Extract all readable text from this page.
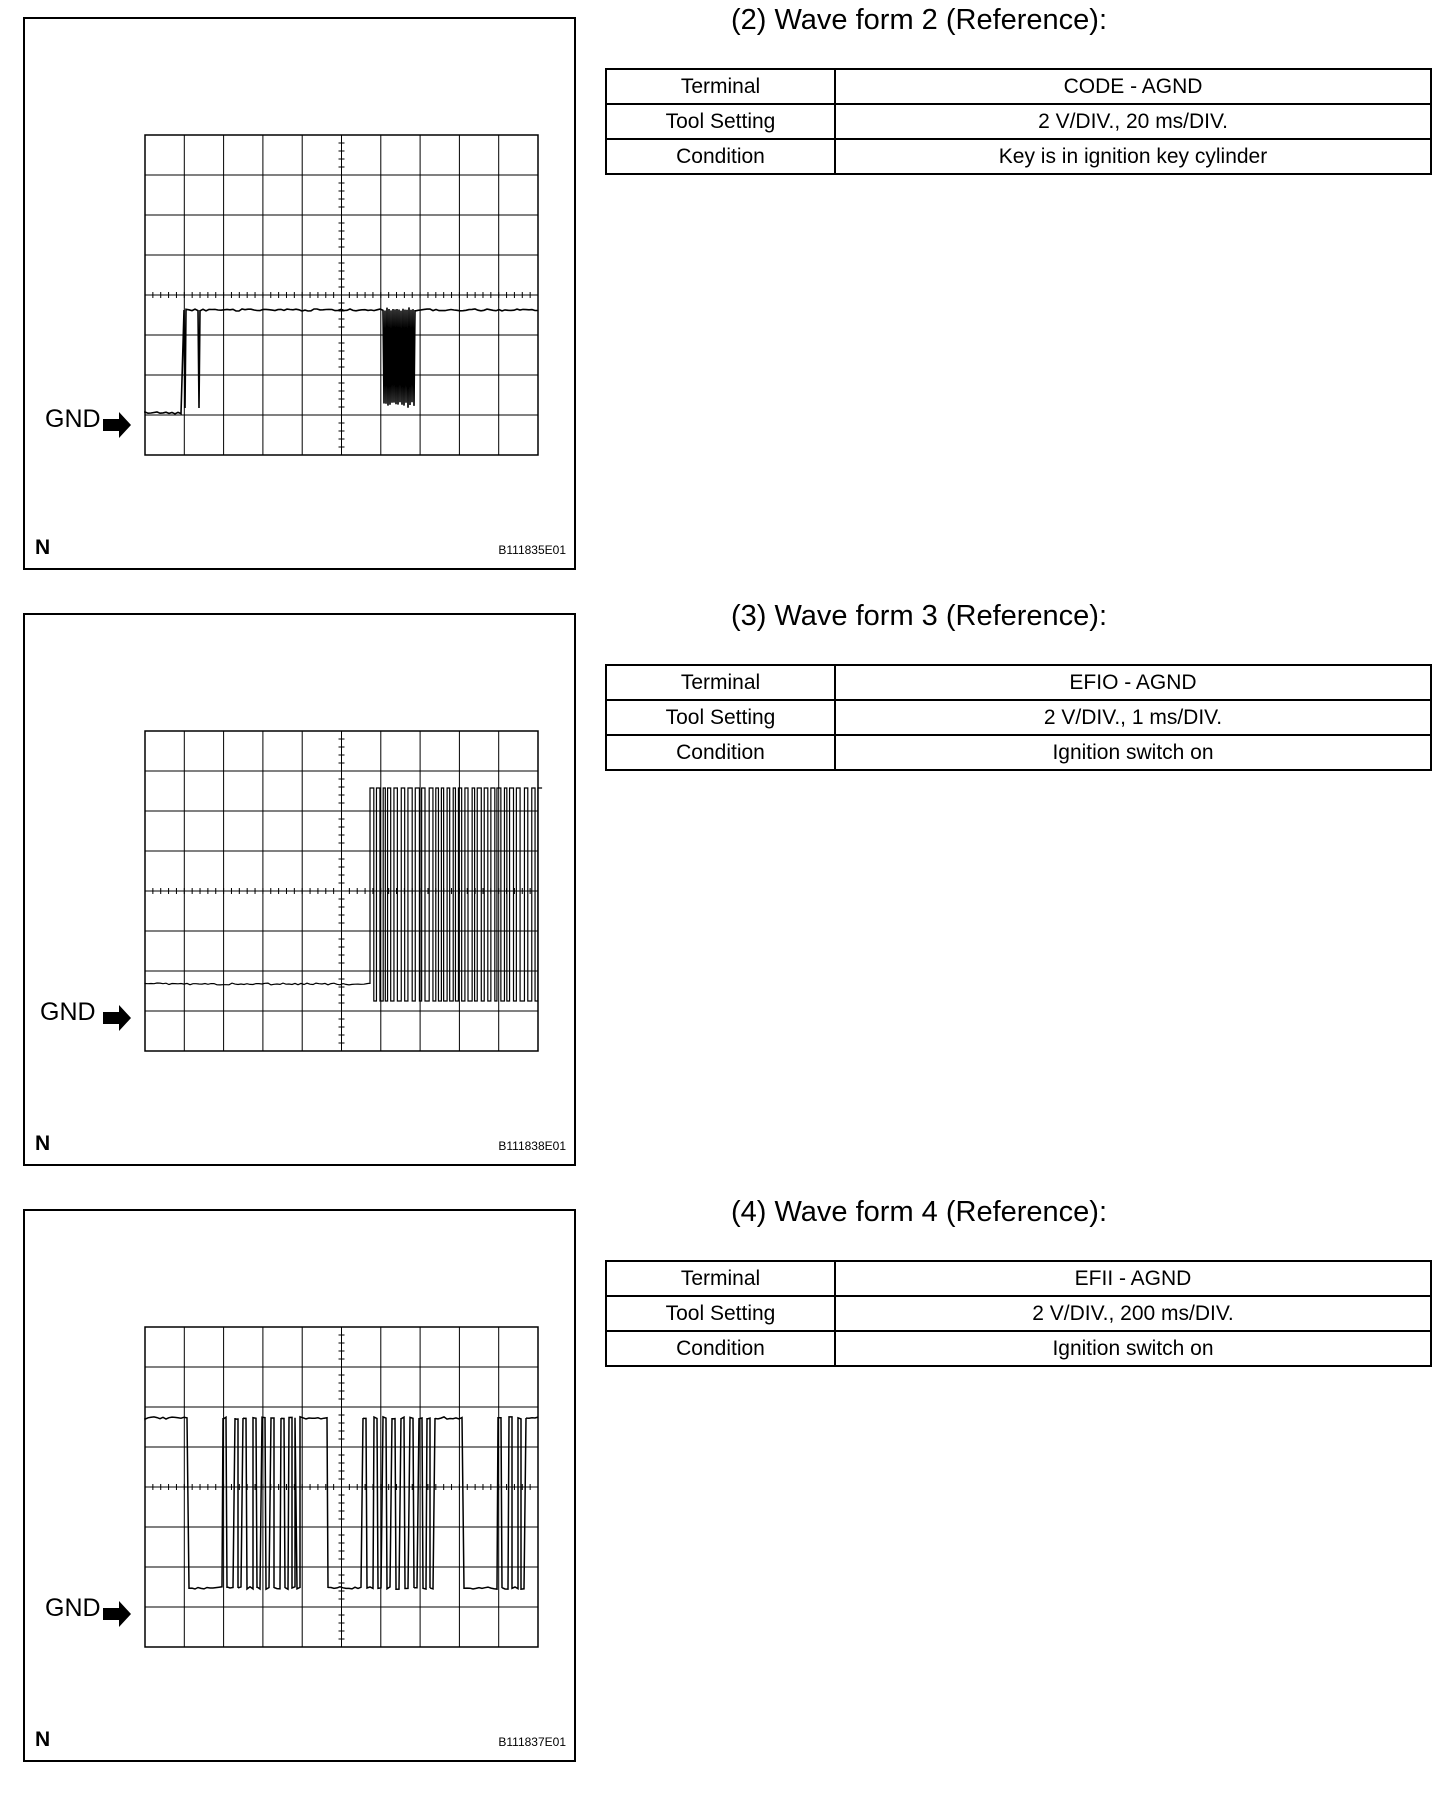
(2) Wave form 2 (Reference):
Terminal	CODE - AGND
Tool Setting	2 V/DIV., 20 ms/DIV.
Condition	Key is in ignition key cylinder
GND
N	B111835E01
(3) Wave form 3 (Reference):
Terminal	EFIO - AGND
Tool Setting	2 V/DIV., 1 ms/DIV.
Condition	Ignition switch on
GND
N	B111838E01
(4) Wave form 4 (Reference):
Terminal	EFII - AGND
Tool Setting	2 V/DIV., 200 ms/DIV.
Condition	Ignition switch on
GND
N	B111837E01
